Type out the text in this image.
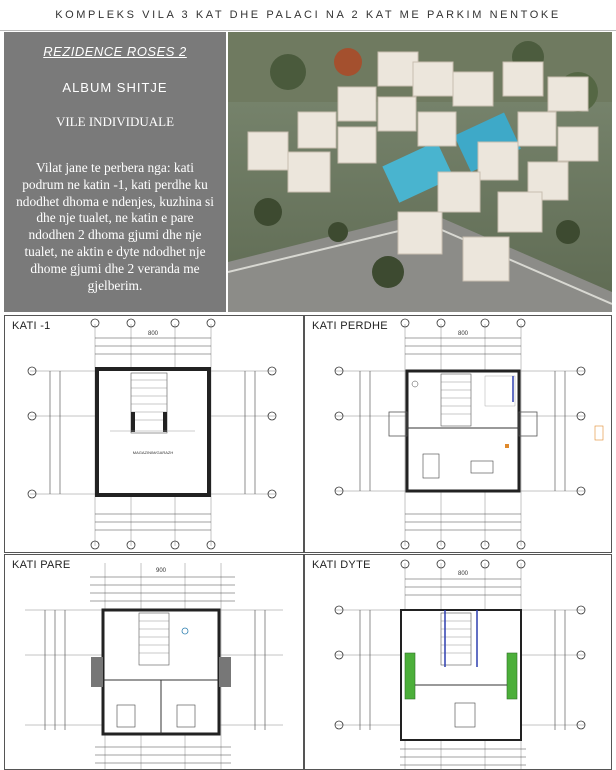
KOMPLEKS VILA 3 KAT DHE PALACI NA 2 KAT ME PARKIM NENTOKE
REZIDENCE ROSES 2
ALBUM SHITJE
VILE INDIVIDUALE
Vilat jane te perbera nga: kati podrum ne katin -1, kati perdhe ku ndodhet dhoma e ndenjes, kuzhina si dhe nje tualet, ne katin e pare ndodhen 2 dhoma gjumi dhe nje tualet, ne aktin e dyte ndodhet nje dhome gjumi dhe 2 veranda me gjelberim.
KATI -1
800
MAGAZINIM/GARAZH
KATI PERDHE
800
KATI PARE	900	KATI DYTE
800
